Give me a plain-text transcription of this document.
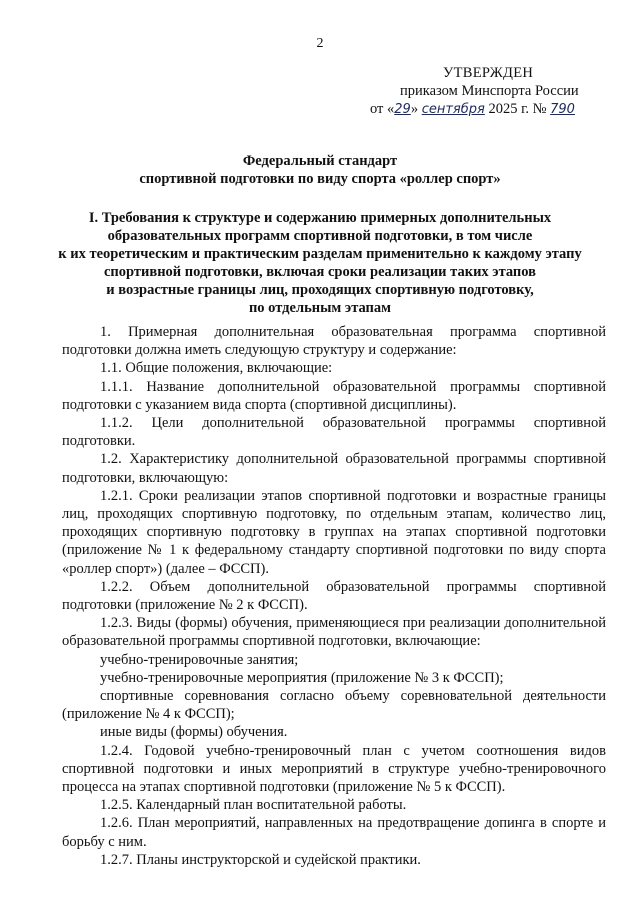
2
УТВЕРЖДЕН
приказом Минспорта России
от «29» сентября 2025 г. № 790
Федеральный стандарт
спортивной подготовки по виду спорта «роллер спорт»
I. Требования к структуре и содержанию примерных дополнительных
образовательных программ спортивной подготовки, в том числе
к их теоретическим и практическим разделам применительно к каждому этапу
спортивной подготовки, включая сроки реализации таких этапов
и возрастные границы лиц, проходящих спортивную подготовку,
по отдельным этапам

1. Примерная дополнительная образовательная программа спортивной подготовки должна иметь следующую структуру и содержание:

1.1. Общие положения, включающие:

1.1.1. Название дополнительной образовательной программы спортивной подготовки с указанием вида спорта (спортивной дисциплины).

1.1.2. Цели дополнительной образовательной программы спортивной подготовки.

1.2. Характеристику дополнительной образовательной программы спортивной подготовки, включающую:

1.2.1. Сроки реализации этапов спортивной подготовки и возрастные границы лиц, проходящих спортивную подготовку, по отдельным этапам, количество лиц, проходящих спортивную подготовку в группах на этапах спортивной подготовки (приложение № 1 к федеральному стандарту спортивной подготовки по виду спорта «роллер спорт») (далее – ФССП).

1.2.2. Объем дополнительной образовательной программы спортивной подготовки (приложение № 2 к ФССП).

1.2.3. Виды (формы) обучения, применяющиеся при реализации дополнительной образовательной программы спортивной подготовки, включающие:

учебно-тренировочные занятия;

учебно-тренировочные мероприятия (приложение № 3 к ФССП);

спортивные соревнования согласно объему соревновательной деятельности (приложение № 4 к ФССП);

иные виды (формы) обучения.

1.2.4. Годовой учебно-тренировочный план с учетом соотношения видов спортивной подготовки и иных мероприятий в структуре учебно-тренировочного процесса на этапах спортивной подготовки (приложение № 5 к ФССП).

1.2.5. Календарный план воспитательной работы.

1.2.6. План мероприятий, направленных на предотвращение допинга в спорте и борьбу с ним.

1.2.7. Планы инструкторской и судейской практики.
